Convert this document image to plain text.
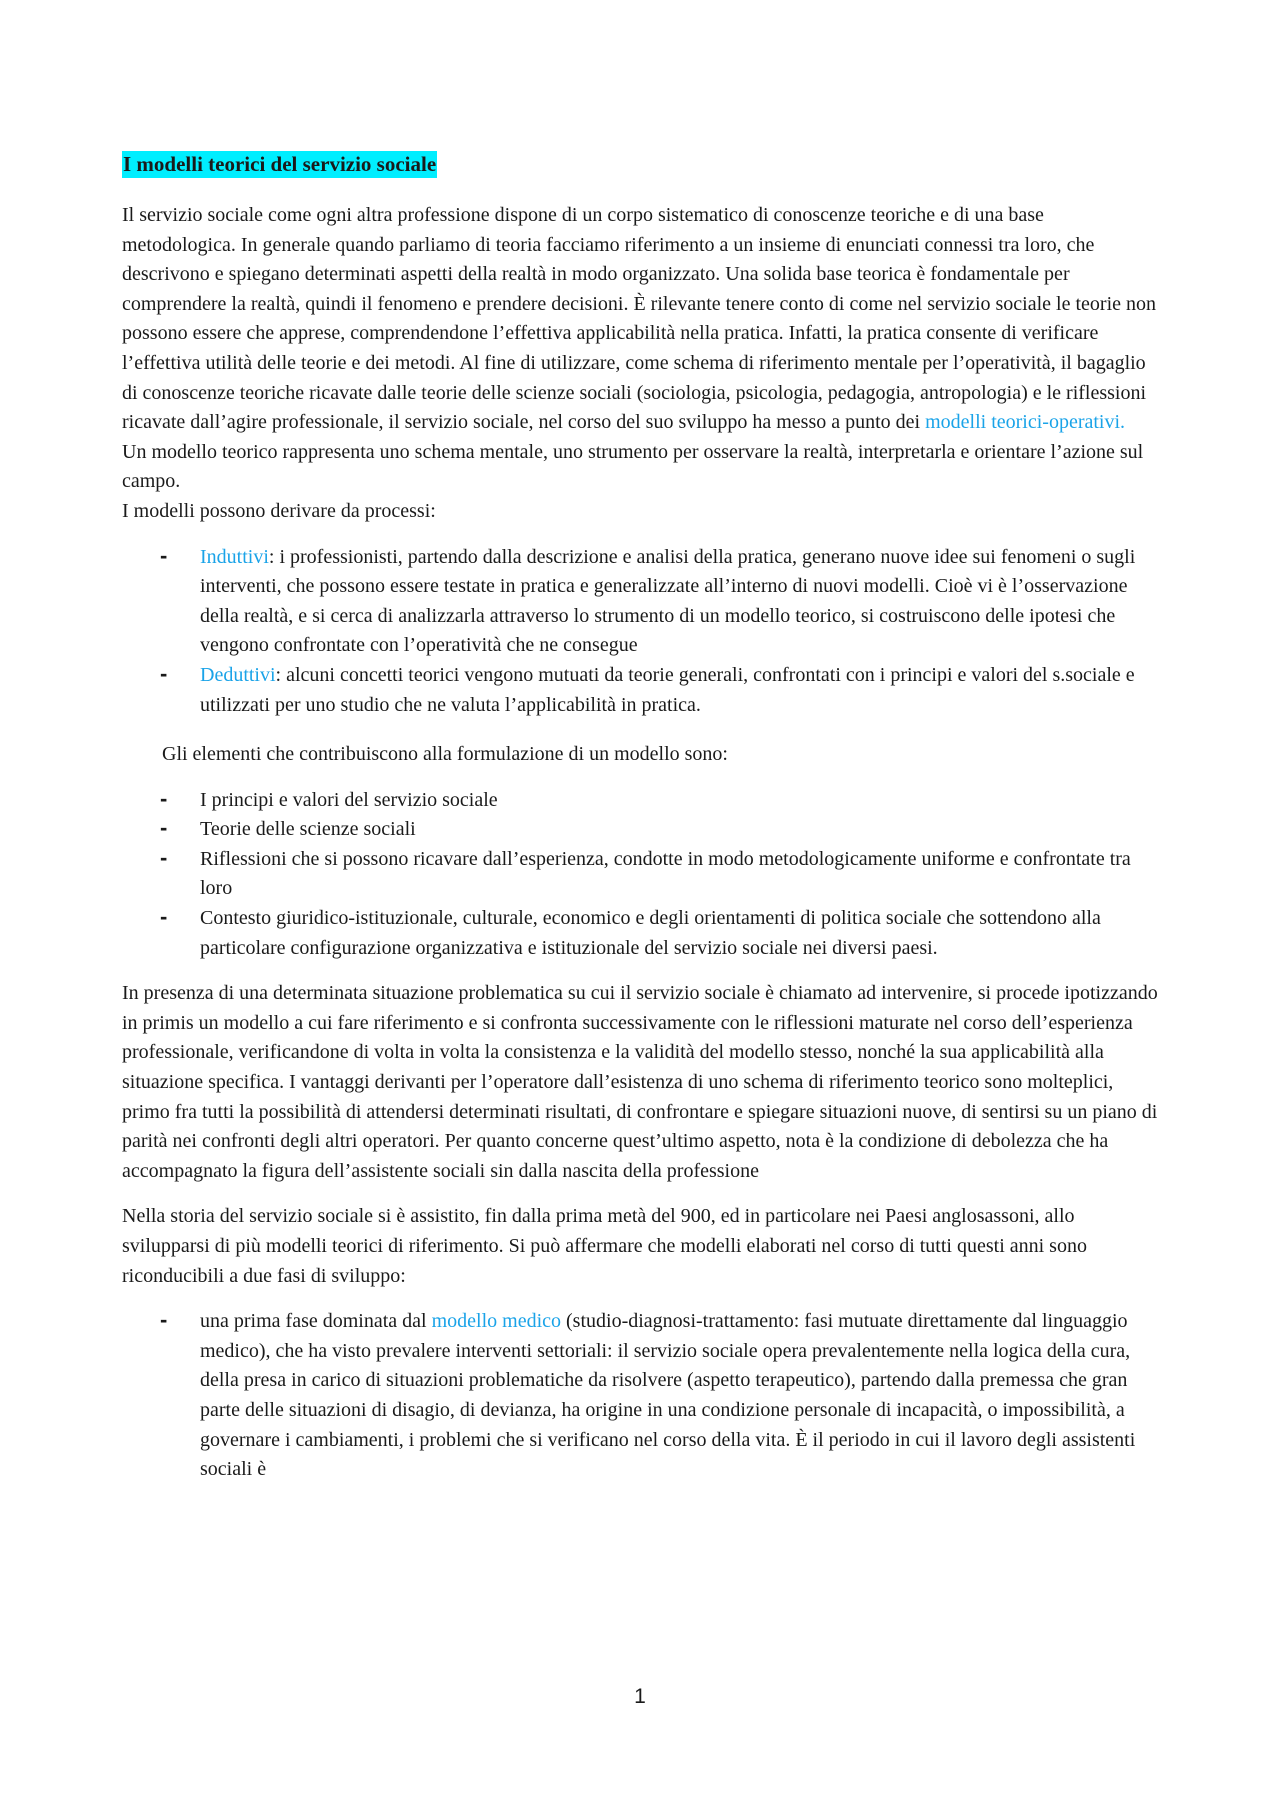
I modelli teorici del servizio sociale

Il servizio sociale come ogni altra professione dispone di un corpo sistematico di conoscenze teoriche e di una base metodologica. In generale quando parliamo di teoria facciamo riferimento a un insieme di enunciati connessi tra loro, che descrivono e spiegano determinati aspetti della realtà in modo organizzato. Una solida base teorica è fondamentale per comprendere la realtà, quindi il fenomeno e prendere decisioni. È rilevante tenere conto di come nel servizio sociale le teorie non possono essere che apprese, comprendendone l’effettiva applicabilità nella pratica. Infatti, la pratica consente di verificare l’effettiva utilità delle teorie e dei metodi. Al fine di utilizzare, come schema di riferimento mentale per l’operatività, il bagaglio di conoscenze teoriche ricavate dalle teorie delle scienze sociali (sociologia, psicologia, pedagogia, antropologia) e le riflessioni ricavate dall’agire professionale, il servizio sociale, nel corso del suo sviluppo ha messo a punto dei modelli teorici-operativi.

Un modello teorico rappresenta uno schema mentale, uno strumento per osservare la realtà, interpretarla e orientare l’azione sul campo.

I modelli possono derivare da processi:

- Induttivi: i professionisti, partendo dalla descrizione e analisi della pratica, generano nuove idee sui fenomeni o sugli interventi, che possono essere testate in pratica e generalizzate all’interno di nuovi modelli. Cioè vi è l’osservazione della realtà, e si cerca di analizzarla attraverso lo strumento di un modello teorico, si costruiscono delle ipotesi che vengono confrontate con l’operatività che ne consegue
- Deduttivi: alcuni concetti teorici vengono mutuati da teorie generali, confrontati con i principi e valori del s.sociale e utilizzati per uno studio che ne valuta l’applicabilità in pratica.

Gli elementi che contribuiscono alla formulazione di un modello sono:

- I principi e valori del servizio sociale
- Teorie delle scienze sociali
- Riflessioni che si possono ricavare dall’esperienza, condotte in modo metodologicamente uniforme e confrontate tra loro
- Contesto giuridico-istituzionale, culturale, economico e degli orientamenti di politica sociale che sottendono alla particolare configurazione organizzativa e istituzionale del servizio sociale nei diversi paesi.

In presenza di una determinata situazione problematica su cui il servizio sociale è chiamato ad intervenire, si procede ipotizzando in primis un modello a cui fare riferimento e si confronta successivamente con le riflessioni maturate nel corso dell’esperienza professionale, verificandone di volta in volta la consistenza e la validità del modello stesso, nonché la sua applicabilità alla situazione specifica. I vantaggi derivanti per l’operatore dall’esistenza di uno schema di riferimento teorico sono molteplici, primo fra tutti la possibilità di attendersi determinati risultati, di confrontare e spiegare situazioni nuove, di sentirsi su un piano di parità nei confronti degli altri operatori. Per quanto concerne quest’ultimo aspetto, nota è la condizione di debolezza che ha accompagnato la figura dell’assistente sociali sin dalla nascita della professione

Nella storia del servizio sociale si è assistito, fin dalla prima metà del 900, ed in particolare nei Paesi anglosassoni, allo svilupparsi di più modelli teorici di riferimento. Si può affermare che modelli elaborati nel corso di tutti questi anni sono riconducibili a due fasi di sviluppo:

- una prima fase dominata dal modello medico (studio-diagnosi-trattamento: fasi mutuate direttamente dal linguaggio medico), che ha visto prevalere interventi settoriali: il servizio sociale opera prevalentemente nella logica della cura, della presa in carico di situazioni problematiche da risolvere (aspetto terapeutico), partendo dalla premessa che gran parte delle situazioni di disagio, di devianza, ha origine in una condizione personale di incapacità, o impossibilità, a governare i cambiamenti, i problemi che si verificano nel corso della vita. È il periodo in cui il lavoro degli assistenti sociali è
1
